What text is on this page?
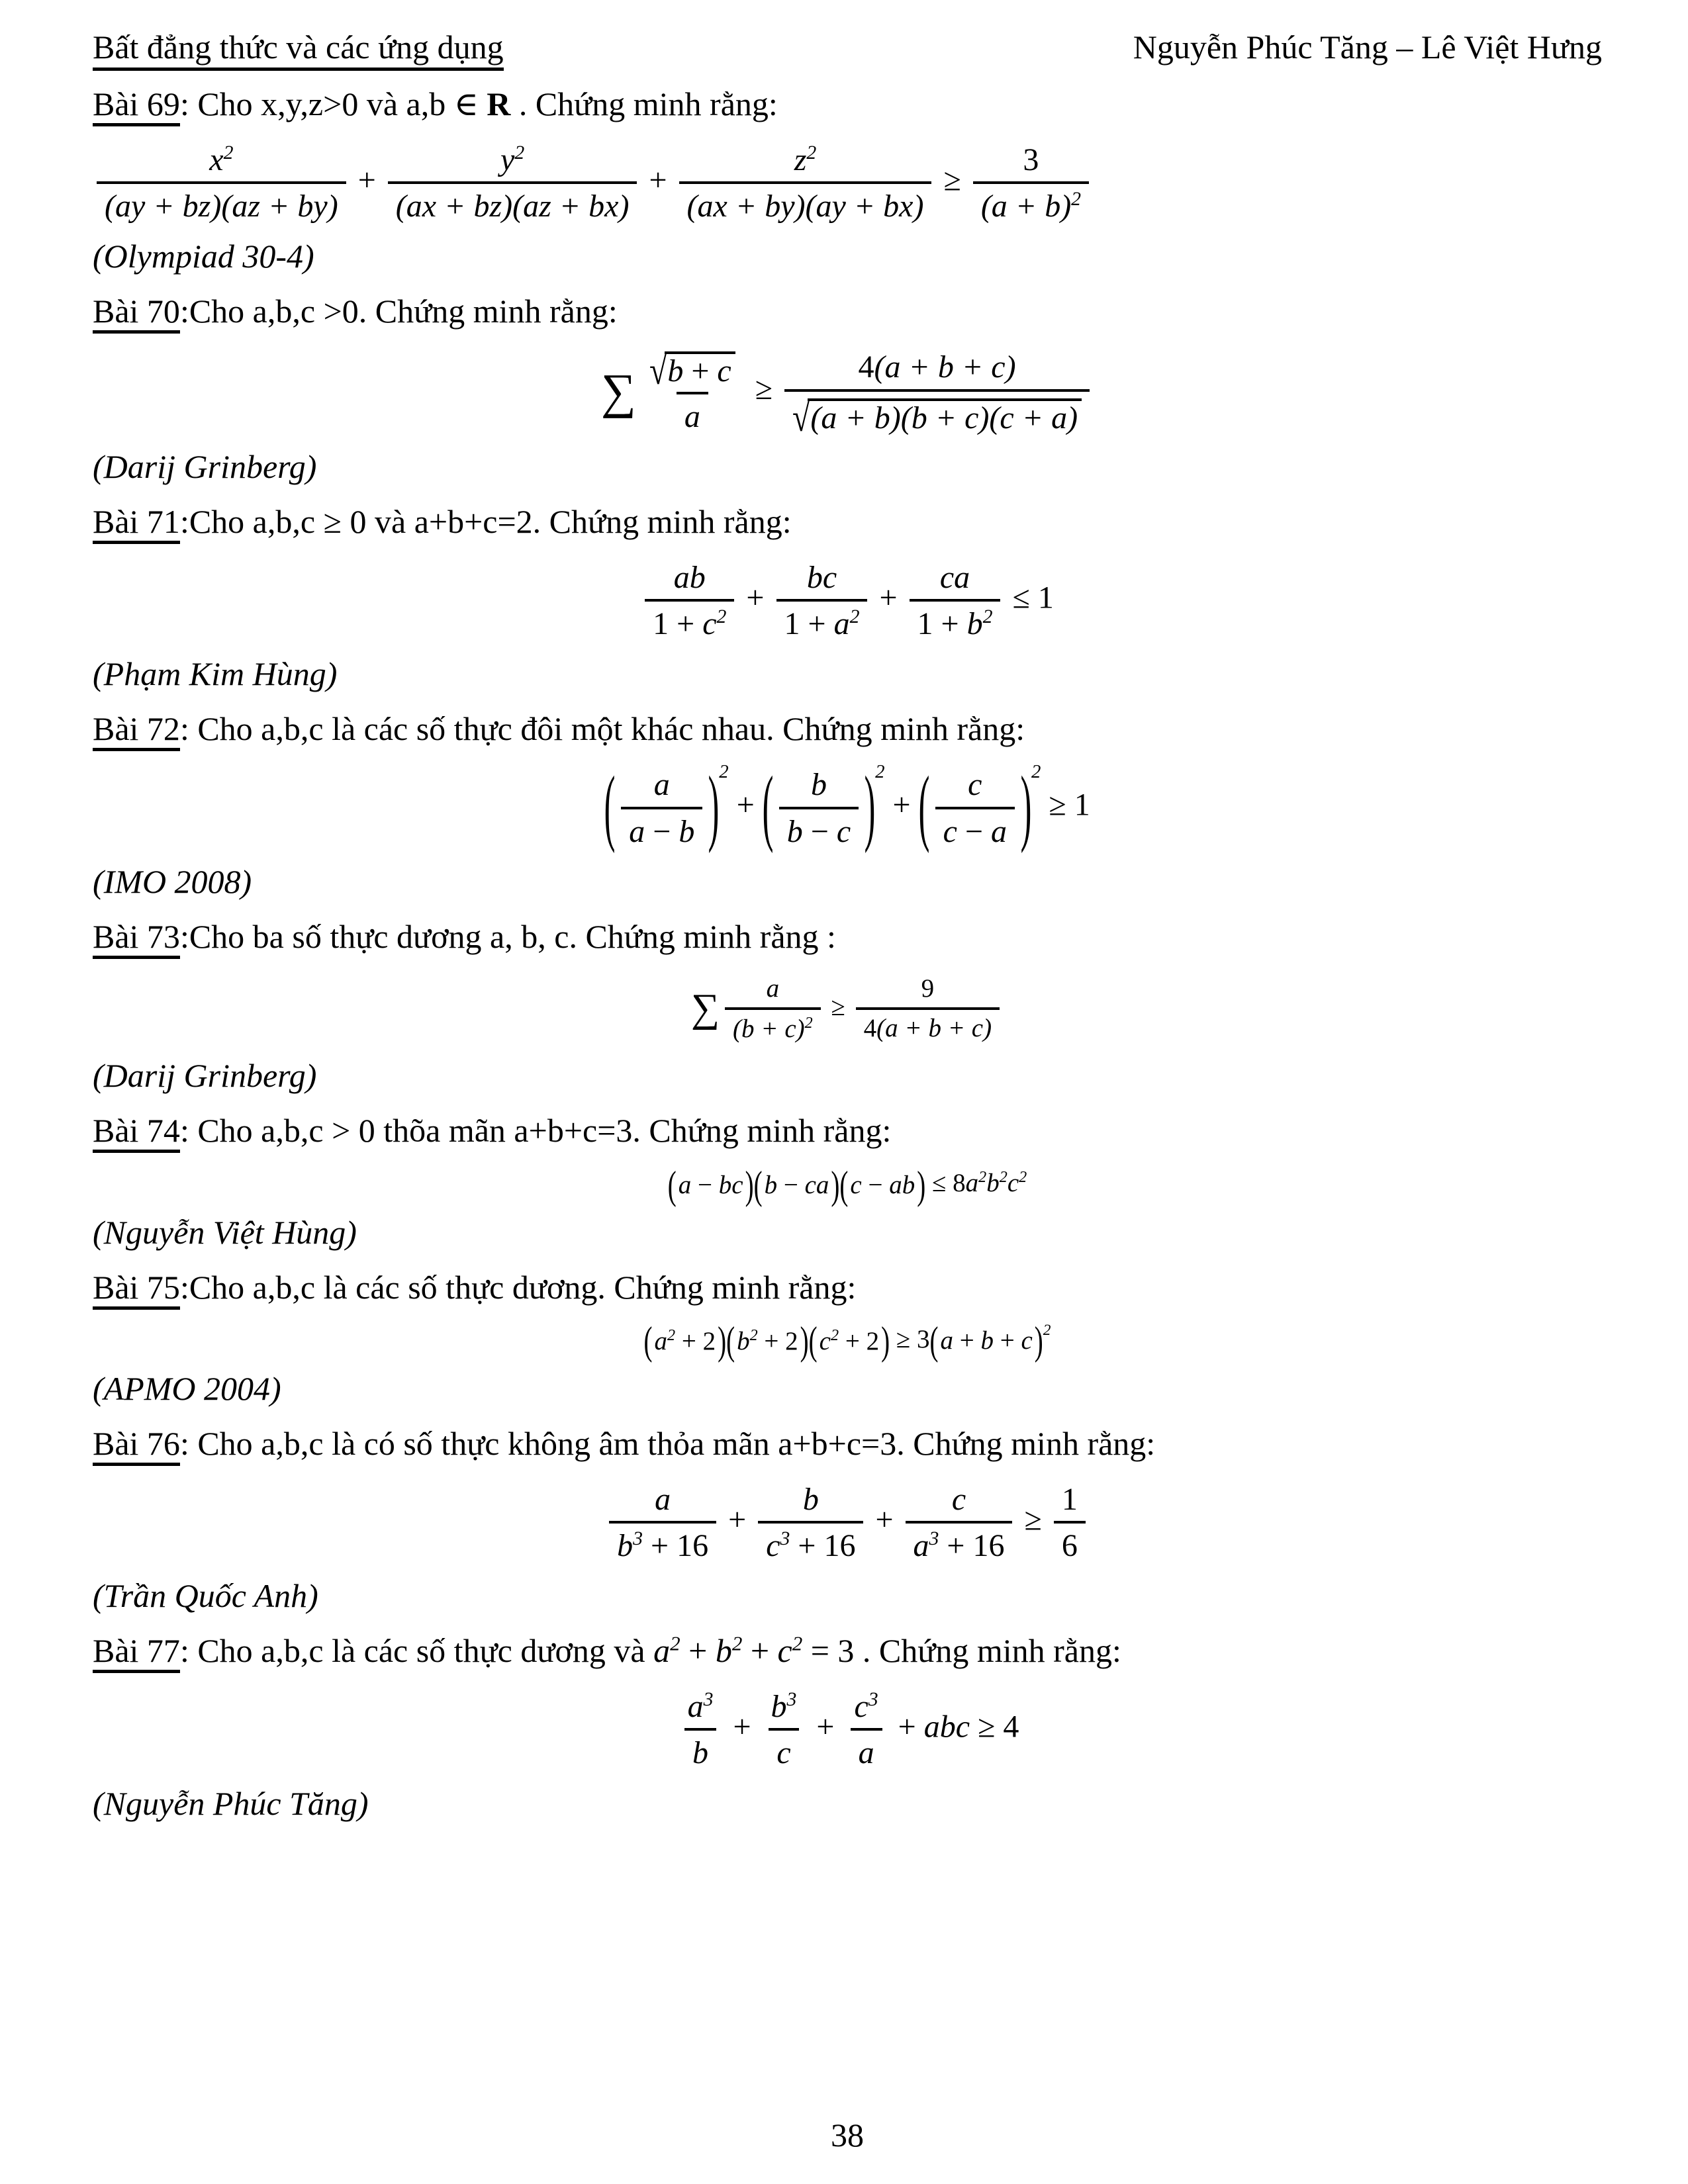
Bất đẳng thức và các ứng dụng	Nguyễn Phúc Tăng – Lê Việt Hưng
Bài 69: Cho x,y,z>0 và a,b ∈ R . Chứng minh rằng:
$\frac{x^2}{(ay + bz)(az + by)} + \frac{y^2}{(ax + bz)(az + bx)} + \frac{z^2}{(ax + by)(ay + bx)} \ge \frac{3}{(a + b)^2}$
(Olympiad 30-4)
Bài 70:Cho a,b,c >0. Chứng minh rằng:
∑ $\frac{√ b + c}{a} \ge \frac{4(a + b + c)}{√ (a + b)(b + c)(c + a)}$
(Darij Grinberg)
Bài 71:Cho a,b,c ≥ 0 và a+b+c=2. Chứng minh rằng:
$\frac{ab}{1 + c^2} + \frac{bc}{1 + a^2} + \frac{ca}{1 + b^2} \le 1$
(Phạm Kim Hùng)
Bài 72: Cho a,b,c là các số thực đôi một khác nhau. Chứng minh rằng:
( $\frac{a}{a - b}$ ) 2
+ ( $\frac{b}{b - c}$ ) 2
+ ( $\frac{c}{c - a}$ ) 2
≥ 1
(IMO 2008)
Bài 73:Cho ba số thực dương a, b, c. Chứng minh rằng :
∑ $\frac{a}{(b + c)^2} \ge \frac{9}{4(a + b + c)}$
(Darij Grinberg)
Bài 74: Cho a,b,c > 0 thõa mãn a+b+c=3. Chứng minh rằng:
( a − bc ) ( b − ca ) ( c − ab ) ≤ $8a^2b^2c^2$
(Nguyễn Việt Hùng)
Bài 75:Cho a,b,c là các số thực dương. Chứng minh rằng:
( $a^2 + 2$ ) ( $b^2 + 2$ ) ( $c^2 + 2$ ) ≥ 3 ( a + b + c ) 2
(APMO 2004)
Bài 76: Cho a,b,c là có số thực không âm thỏa mãn a+b+c=3. Chứng minh rằng:
$\frac{a}{b^3 + 16} + \frac{b}{c^3 + 16} + \frac{c}{a^3 + 16} \ge \frac{1}{6}$
(Trần Quốc Anh)
Bài 77: Cho a,b,c là các số thực dương và $a^2 + b^2 + c^2 = 3$ . Chứng minh rằng:
$\frac{a^3}{b} + \frac{b^3}{c} + \frac{c^3}{a}$ + abc ≥ 4
(Nguyễn Phúc Tăng)
38
